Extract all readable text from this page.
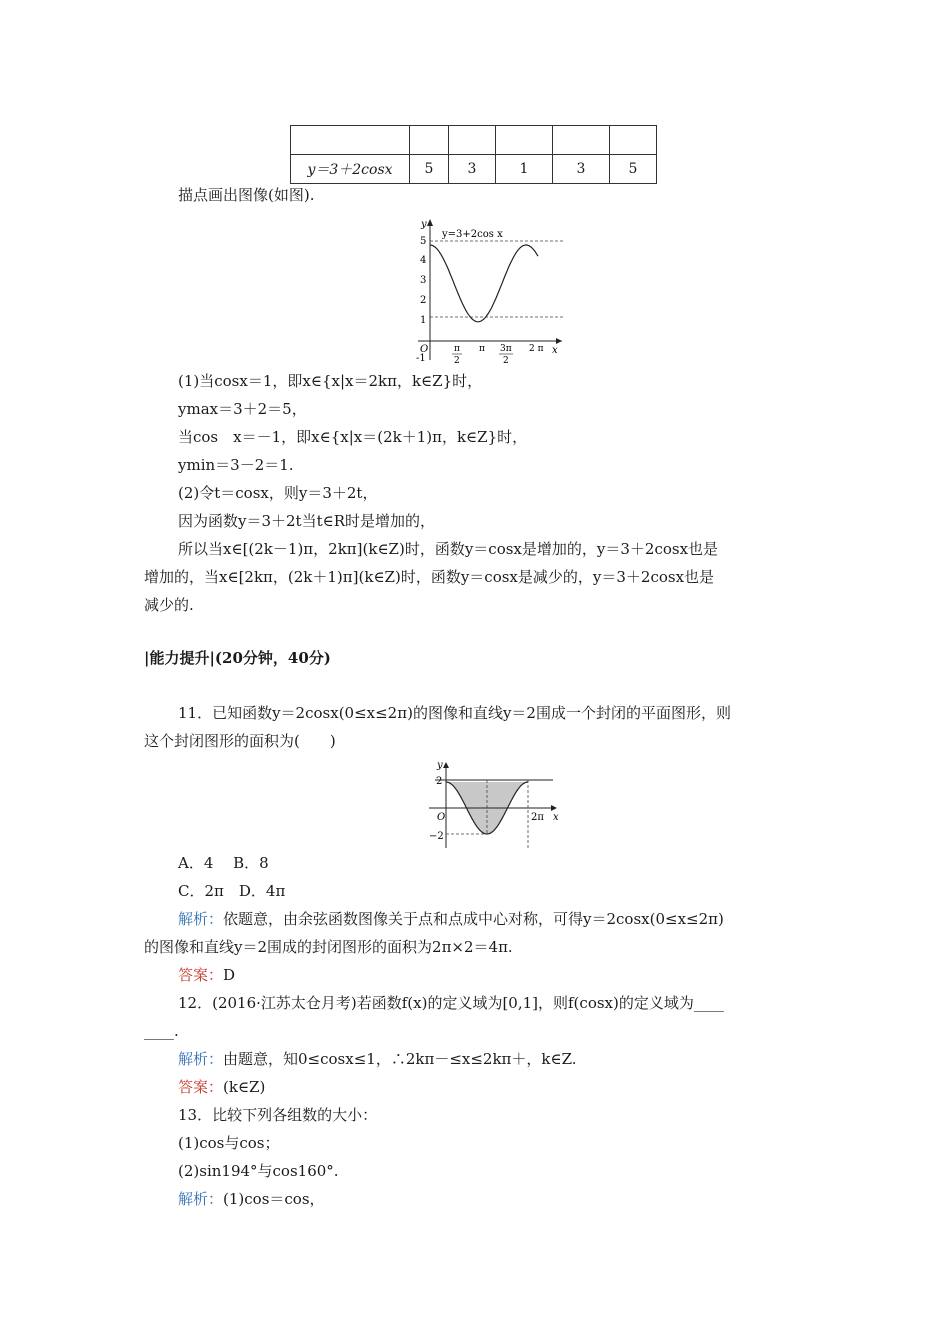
y＝3＋2cosx	5	3	1	3	5
描点画出图像(如图).
y
x
O
5
4
3
2
1
-1
y=3+2cos x
π
2
π 3π
2
2 π
(1)当cosx＝1，即x∈{x|x＝2kπ，k∈Z}时，
ymax＝3＋2＝5，
当cos　x＝－1，即x∈{x|x＝(2k＋1)π，k∈Z}时，
ymin＝3－2＝1.
(2)令t＝cosx，则y＝3＋2t，
因为函数y＝3＋2t当t∈R时是增加的，
所以当x∈[(2k－1)π，2kπ](k∈Z)时，函数y＝cosx是增加的，y＝3＋2cosx也是
增加的，当x∈[2kπ，(2k＋1)π](k∈Z)时，函数y＝cosx是减少的，y＝3＋2cosx也是
减少的.
|能力提升|(20分钟，40分)
11．已知函数y＝2cosx(0≤x≤2π)的图像和直线y＝2围成一个封闭的平面图形，则
这个封闭图形的面积为(　　)
y
x
O
2
−2
2π
A．4　 B．8
C．2π　D．4π
解析：依题意，由余弦函数图像关于点和点成中心对称，可得y＝2cosx(0≤x≤2π)
的图像和直线y＝2围成的封闭图形的面积为2π×2＝4π.
答案：D
12．(2016·江苏太仓月考)若函数f(x)的定义域为[0,1]，则f(cosx)的定义域为____
____.
解析：由题意，知0≤cosx≤1，∴2kπ－≤x≤2kπ＋，k∈Z.
答案：(k∈Z)
13．比较下列各组数的大小：
(1)cos与cos；
(2)sin194°与cos160°.
解析：(1)cos＝cos，
